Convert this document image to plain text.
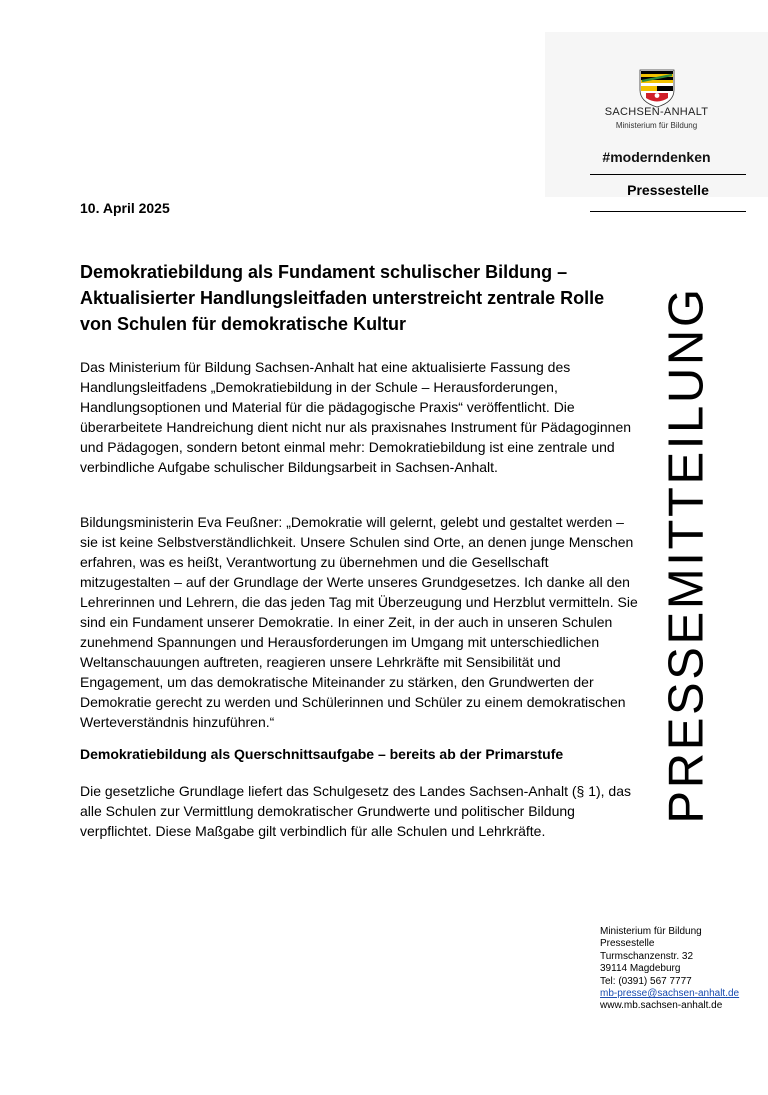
SACHSEN-ANHALT
Ministerium für Bildung
#moderndenken
Pressestelle
PRESSEMITTEILUNG
10. April 2025
Demokratiebildung als Fundament schulischer Bildung – Aktualisierter Handlungsleitfaden unterstreicht zentrale Rolle von Schulen für demokratische Kultur

Das Ministerium für Bildung Sachsen-Anhalt hat eine aktualisierte Fassung des Handlungsleitfadens „Demokratiebildung in der Schule – Herausforderungen, Handlungsoptionen und Material für die pädagogische Praxis“ veröffentlicht. Die überarbeitete Handreichung dient nicht nur als praxisnahes Instrument für Pädagoginnen und Pädagogen, sondern betont einmal mehr: Demokratiebildung ist eine zentrale und verbindliche Aufgabe schulischer Bildungsarbeit in Sachsen-Anhalt.

Bildungsministerin Eva Feußner: „Demokratie will gelernt, gelebt und gestaltet werden – sie ist keine Selbstverständlichkeit. Unsere Schulen sind Orte, an denen junge Menschen erfahren, was es heißt, Verantwortung zu übernehmen und die Gesellschaft mitzugestalten – auf der Grundlage der Werte unseres Grundgesetzes. Ich danke all den Lehrerinnen und Lehrern, die das jeden Tag mit Überzeugung und Herzblut vermitteln. Sie sind ein Fundament unserer Demokratie. In einer Zeit, in der auch in unseren Schulen zunehmend Spannungen und Herausforderungen im Umgang mit unterschiedlichen Weltanschauungen auftreten, reagieren unsere Lehrkräfte mit Sensibilität und Engagement, um das demokratische Miteinander zu stärken, den Grundwerten der Demokratie gerecht zu werden und Schülerinnen und Schüler zu einem demokratischen Werteverständnis hinzuführen.“

Demokratiebildung als Querschnittsaufgabe – bereits ab der Primarstufe

Die gesetzliche Grundlage liefert das Schulgesetz des Landes Sachsen-Anhalt (§ 1), das alle Schulen zur Vermittlung demokratischer Grundwerte und politischer Bildung verpflichtet. Diese Maßgabe gilt verbindlich für alle Schulen und Lehrkräfte.

Ministerium für Bildung
Pressestelle
Turmschanzenstr. 32
39114 Magdeburg
Tel: (0391) 567 7777
mb-presse@sachsen-anhalt.de
www.mb.sachsen-anhalt.de
